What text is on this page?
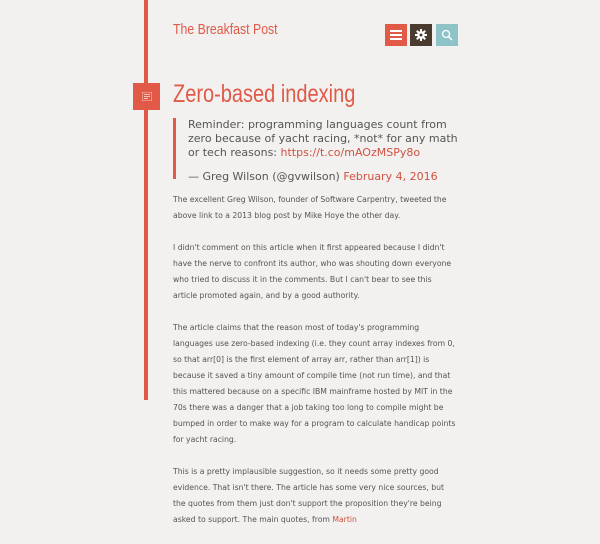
The Breakfast Post
Zero-based indexing

Reminder: programming languages count from zero because of yacht racing, *not* for any math or tech reasons: https://t.co/mAOzMSPy8o

— Greg Wilson (@gvwilson) February 4, 2016

The excellent Greg Wilson, founder of Software Carpentry, tweeted the above link to a 2013 blog post by Mike Hoye the other day.

I didn't comment on this article when it first appeared because I didn't have the nerve to confront its author, who was shouting down everyone who tried to discuss it in the comments. But I can't bear to see this article promoted again, and by a good authority.

The article claims that the reason most of today's programming languages use zero-based indexing (i.e. they count array indexes from 0, so that arr[0] is the first element of array arr, rather than arr[1]) is because it saved a tiny amount of compile time (not run time), and that this mattered because on a specific IBM mainframe hosted by MIT in the 70s there was a danger that a job taking too long to compile might be bumped in order to make way for a program to calculate handicap points for yacht racing.

This is a pretty implausible suggestion, so it needs some pretty good evidence. That isn't there. The article has some very nice sources, but the quotes from them just don't support the proposition they're being asked to support. The main quotes, from Martin
